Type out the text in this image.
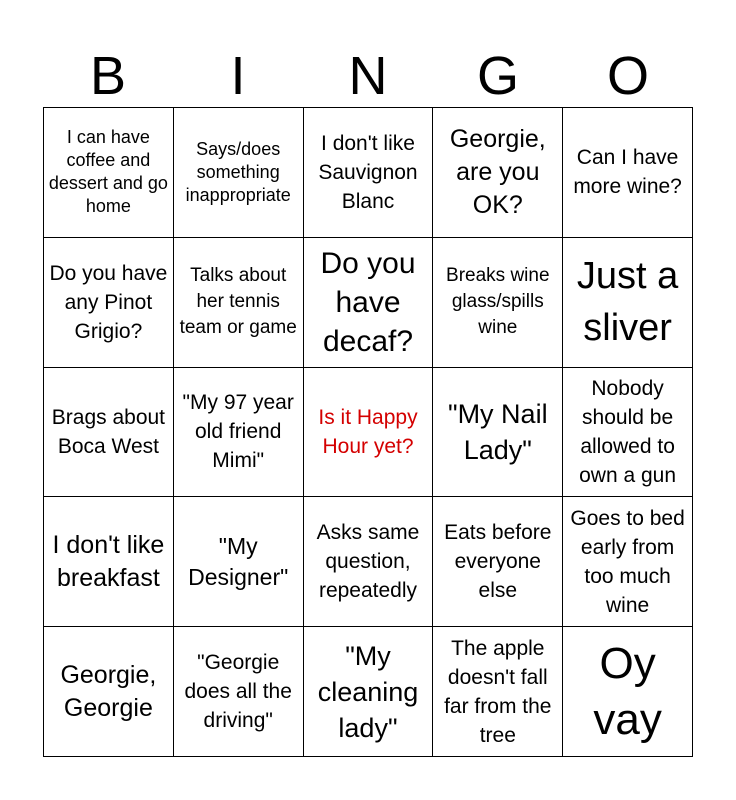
B	I	N	G	O
I can have coffee and dessert and go home
Says/does something inappropriate
I don't like Sauvignon Blanc
Georgie, are you OK?
Can I have more wine?
Do you have any Pinot Grigio?
Talks about her tennis team or game
Do you have decaf?
Breaks wine glass/spills wine
Just a sliver
Brags about Boca West
"My 97 year old friend Mimi"
Is it Happy Hour yet?
"My Nail Lady"
Nobody should be allowed to own a gun
I don't like breakfast
"My Designer"
Asks same question, repeatedly
Eats before everyone else
Goes to bed early from too much wine
Georgie, Georgie
"Georgie does all the driving"
"My cleaning lady"
The apple doesn't fall far from the tree
Oy vay
